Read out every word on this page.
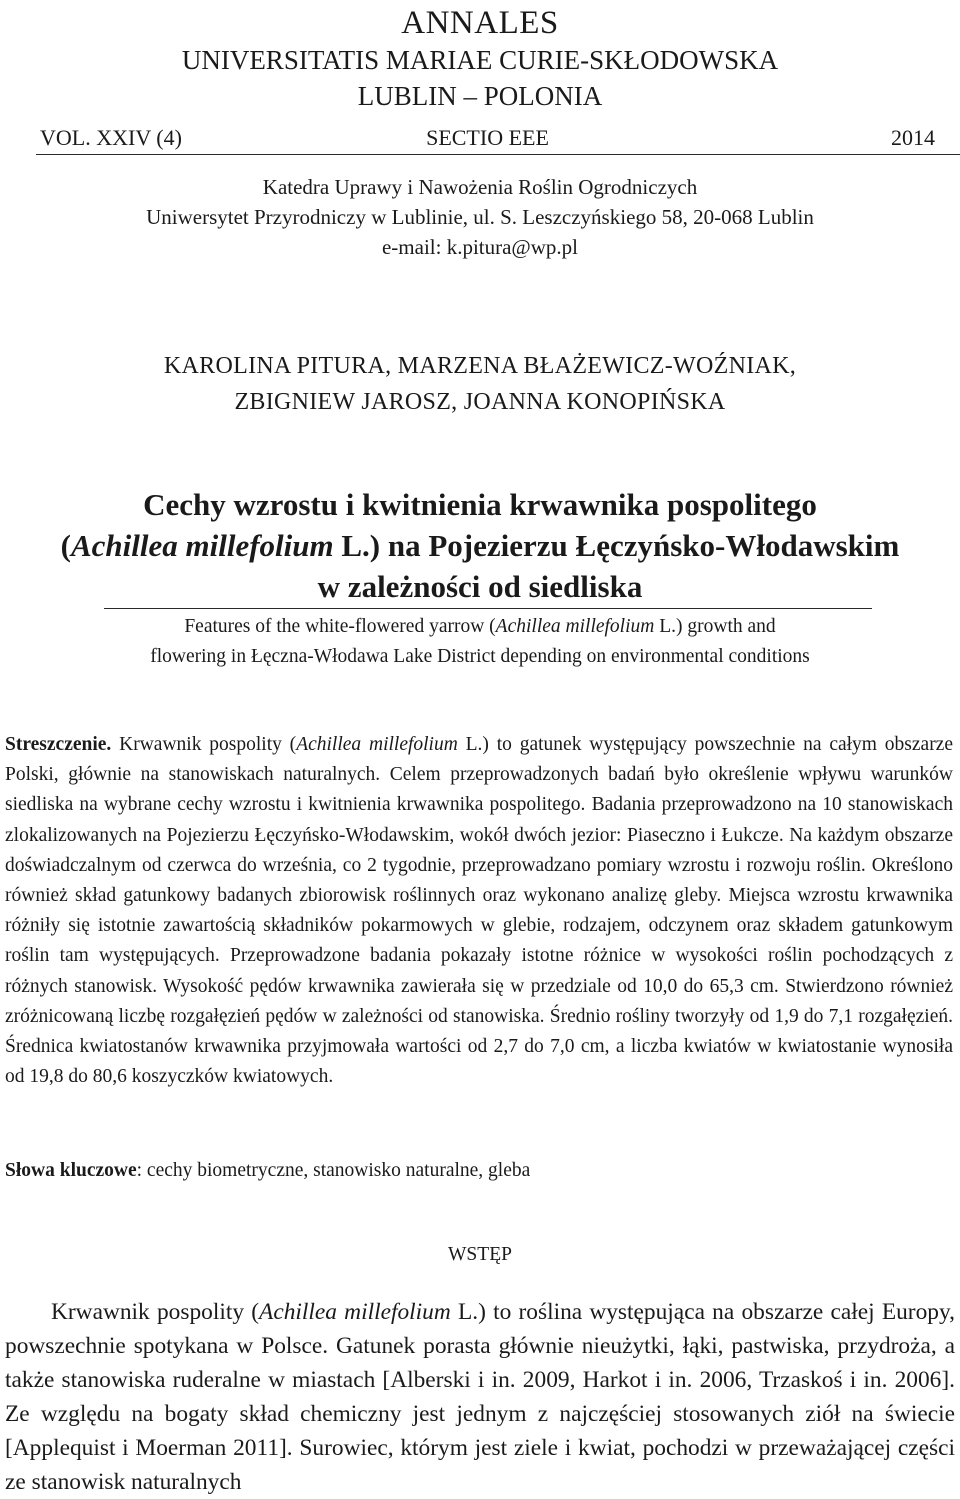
ANNALES
UNIVERSITATIS MARIAE CURIE-SKŁODOWSKA
LUBLIN – POLONIA
VOL. XXIV (4)	SECTIO EEE	2014
Katedra Uprawy i Nawożenia Roślin Ogrodniczych
Uniwersytet Przyrodniczy w Lublinie, ul. S. Leszczyńskiego 58, 20-068 Lublin
e-mail: k.pitura@wp.pl
KAROLINA PITURA, MARZENA BŁAŻEWICZ-WOŹNIAK,
ZBIGNIEW JAROSZ, JOANNA KONOPIŃSKA
Cechy wzrostu i kwitnienia krwawnika pospolitego
(Achillea millefolium L.) na Pojezierzu Łęczyńsko-Włodawskim
w zależności od siedliska
Features of the white-flowered yarrow (Achillea millefolium L.) growth and
flowering in Łęczna-Włodawa Lake District depending on environmental conditions
Streszczenie. Krwawnik pospolity (Achillea millefolium L.) to gatunek występujący powszechnie na całym obszarze Polski, głównie na stanowiskach naturalnych. Celem przeprowadzonych badań było określenie wpływu warunków siedliska na wybrane cechy wzrostu i kwitnienia krwawnika pospolitego. Badania przeprowadzono na 10 stanowiskach zlokalizowanych na Pojezierzu Łęczyńsko-Włodawskim, wokół dwóch jezior: Piaseczno i Łukcze. Na każdym obszarze doświadczalnym od czerwca do września, co 2 tygodnie, przeprowadzano pomiary wzrostu i rozwoju roślin. Określono również skład gatunkowy badanych zbiorowisk roślinnych oraz wykonano analizę gleby. Miejsca wzrostu krwawnika różniły się istotnie zawartością składników pokarmowych w glebie, rodzajem, odczynem oraz składem gatunkowym roślin tam występujących. Przeprowadzone badania pokazały istotne różnice w wysokości roślin pochodzących z różnych stanowisk. Wysokość pędów krwawnika zawierała się w przedziale od 10,0 do 65,3 cm. Stwierdzono również zróżnicowaną liczbę rozgałęzień pędów w zależności od stanowiska. Średnio rośliny tworzyły od 1,9 do 7,1 rozgałęzień. Średnica kwiatostanów krwawnika przyjmowała wartości od 2,7 do 7,0 cm, a liczba kwiatów w kwiatostanie wynosiła od 19,8 do 80,6 koszyczków kwiatowych.
Słowa kluczowe: cechy biometryczne, stanowisko naturalne, gleba
WSTĘP
Krwawnik pospolity (Achillea millefolium L.) to roślina występująca na obszarze całej Europy, powszechnie spotykana w Polsce. Gatunek porasta głównie nieużytki, łąki, pastwiska, przydroża, a także stanowiska ruderalne w miastach [Alberski i in. 2009, Harkot i in. 2006, Trzaskoś i in. 2006]. Ze względu na bogaty skład chemiczny jest jednym z najczęściej stosowanych ziół na świecie [Applequist i Moerman 2011]. Surowiec, którym jest ziele i kwiat, pochodzi w przeważającej części ze stanowisk naturalnych
